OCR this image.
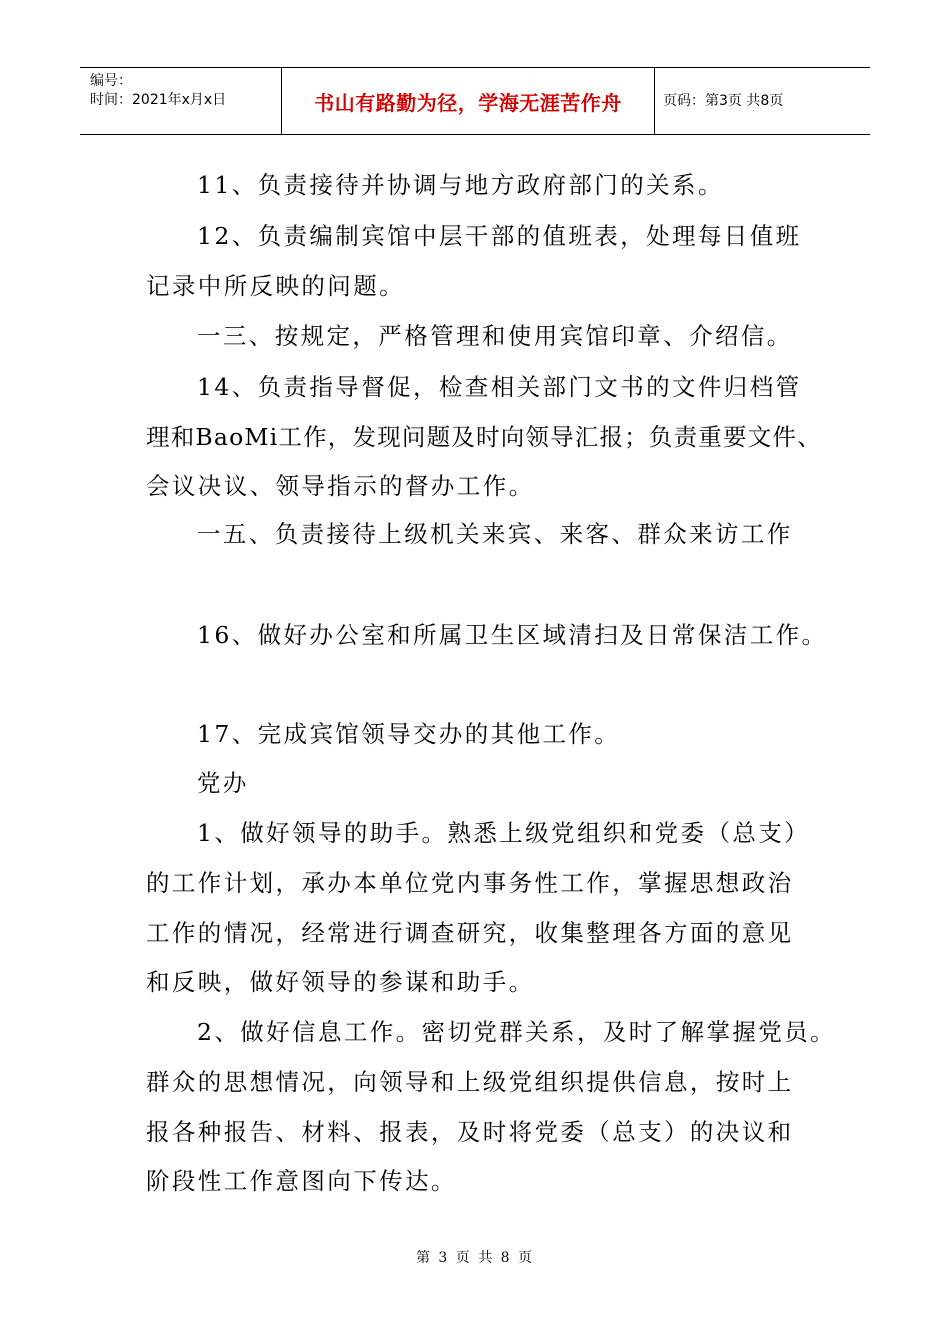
编号：
时间：2021年x月x日	书山有路勤为径，学海无涯苦作舟	页码：第3页 共8页
11、负责接待并协调与地方政府部门的关系。
12、负责编制宾馆中层干部的值班表，处理每日值班
记录中所反映的问题。
一三、按规定，严格管理和使用宾馆印章、介绍信。
14、负责指导督促，检查相关部门文书的文件归档管
理和BaoMi工作，发现问题及时向领导汇报；负责重要文件、
会议决议、领导指示的督办工作。
一五、负责接待上级机关来宾、来客、群众来访工作
16、做好办公室和所属卫生区域清扫及日常保洁工作。
17、完成宾馆领导交办的其他工作。
党办
1、做好领导的助手。熟悉上级党组织和党委（总支）
的工作计划，承办本单位党内事务性工作，掌握思想政治
工作的情况，经常进行调查研究，收集整理各方面的意见
和反映，做好领导的参谋和助手。
2、做好信息工作。密切党群关系，及时了解掌握党员。
群众的思想情况，向领导和上级党组织提供信息，按时上
报各种报告、材料、报表，及时将党委（总支）的决议和
阶段性工作意图向下传达。
第 3 页 共 8 页
